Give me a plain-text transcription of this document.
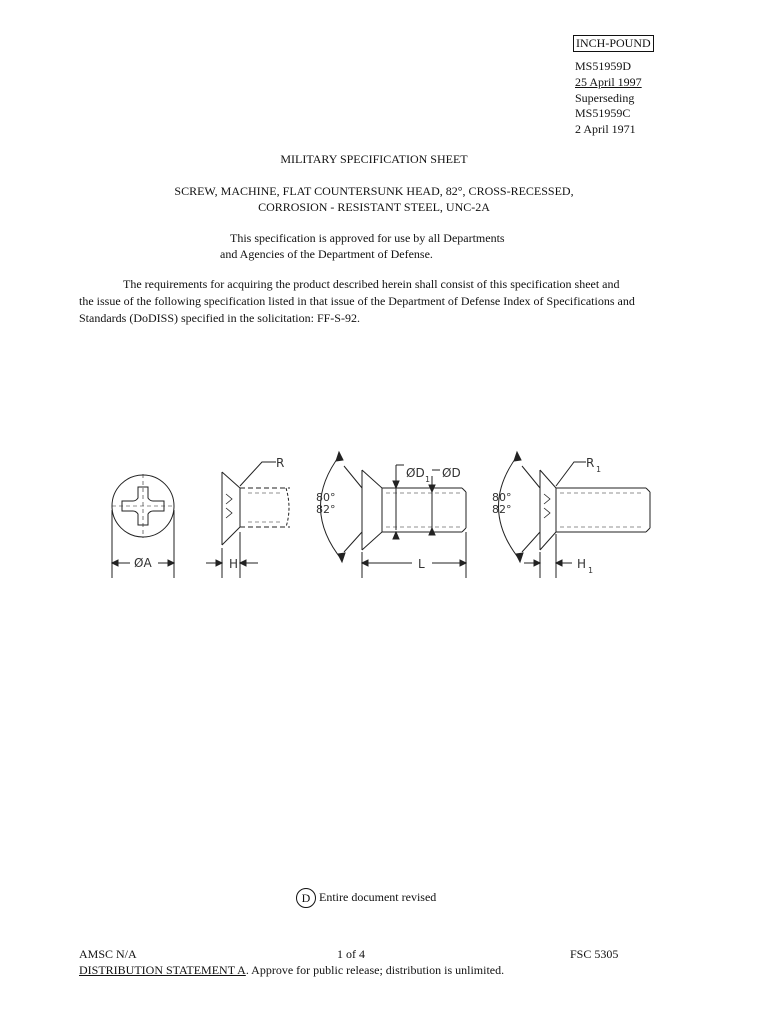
INCH-POUND
MS51959D
25 April 1997
Superseding
MS51959C
2 April 1971
MILITARY SPECIFICATION SHEET
SCREW, MACHINE, FLAT COUNTERSUNK HEAD, 82°, CROSS-RECESSED,
CORROSION - RESISTANT STEEL, UNC-2A
This specification is approved for use by all Departments
and Agencies of the Department of Defense.
The requirements for acquiring the product described herein shall consist of this specification sheet and
the issue of the following specification listed in that issue of the Department of Defense Index of Specifications and
Standards (DoDISS) specified in the solicitation: FF-S-92.
ØA	H
R
80°
82°
ØD 1 ØD
L
80°
82°
R 1
H 1
D Entire document revised
AMSC N/A	1 of 4	FSC 5305
DISTRIBUTION STATEMENT A. Approve for public release; distribution is unlimited.
